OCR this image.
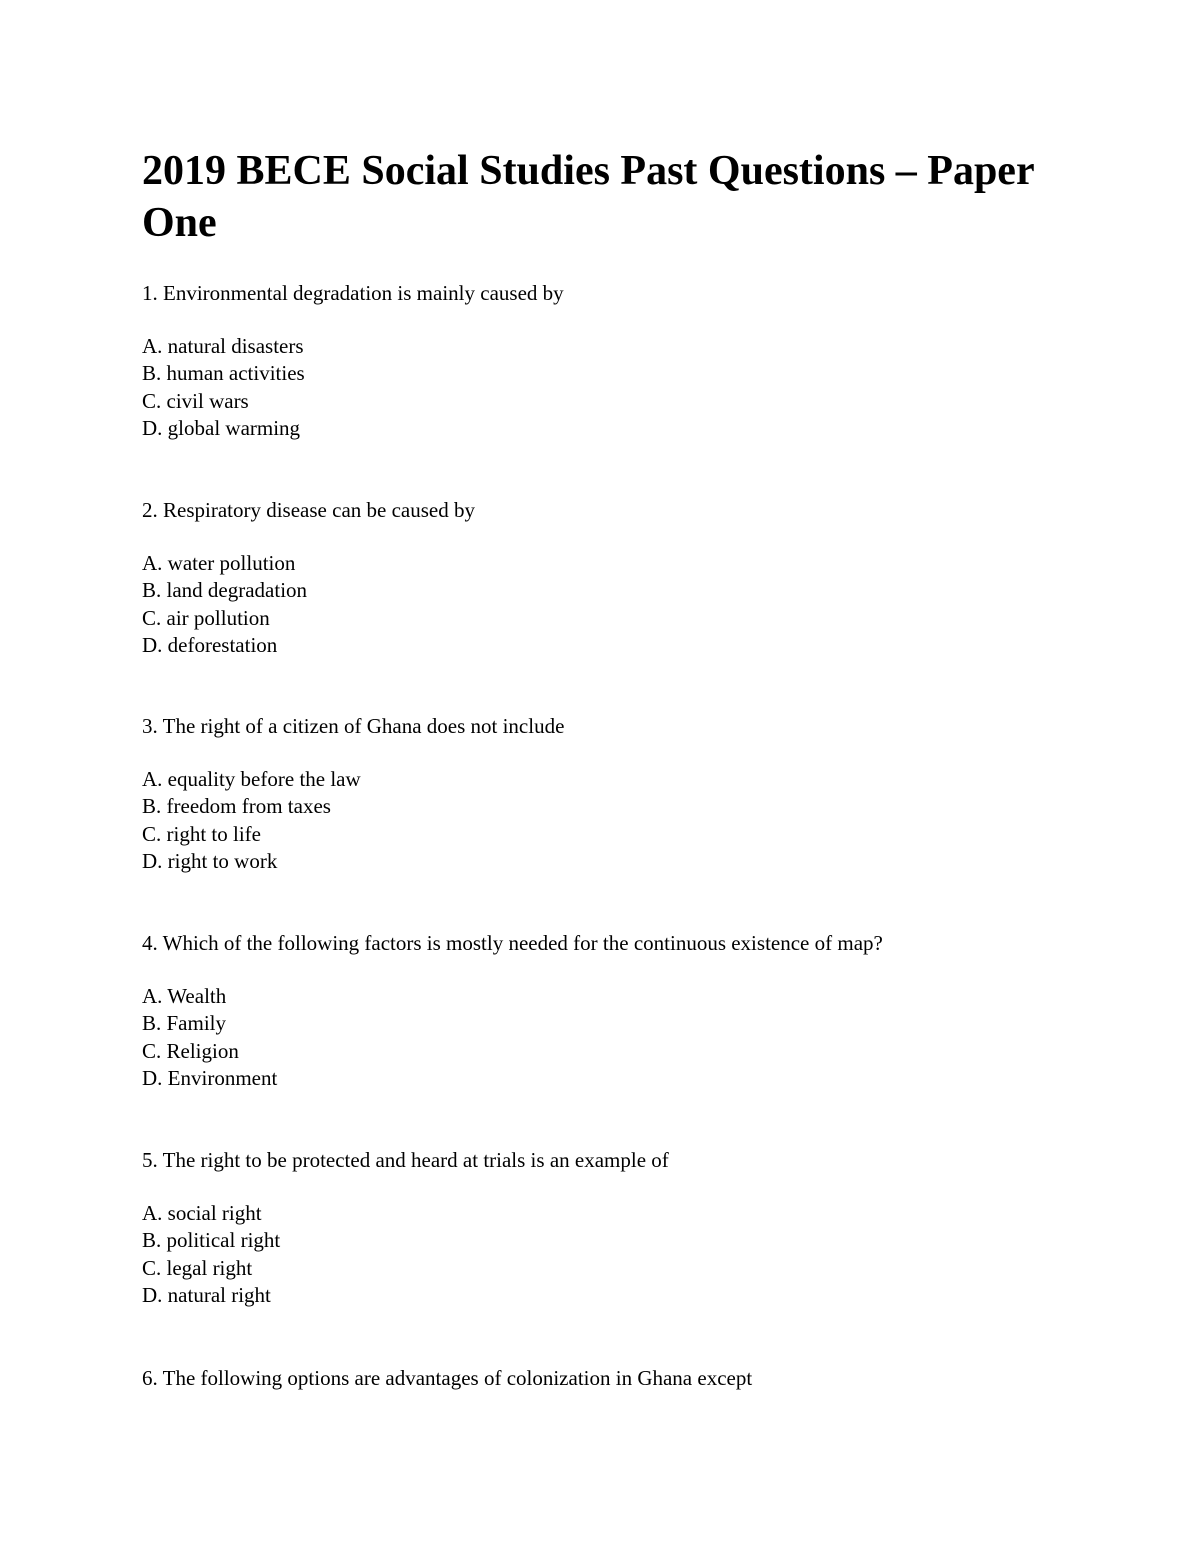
2019 BECE Social Studies Past Questions – Paper One

1. Environmental degradation is mainly caused by

A. natural disasters
B. human activities
C. civil wars
D. global warming

2. Respiratory disease can be caused by

A. water pollution
B. land degradation
C. air pollution
D. deforestation

3. The right of a citizen of Ghana does not include

A. equality before the law
B. freedom from taxes
C. right to life
D. right to work

4. Which of the following factors is mostly needed for the continuous existence of map?

A. Wealth
B. Family
C. Religion
D. Environment

5. The right to be protected and heard at trials is an example of

A. social right
B. political right
C. legal right
D. natural right

6. The following options are advantages of colonization in Ghana except
